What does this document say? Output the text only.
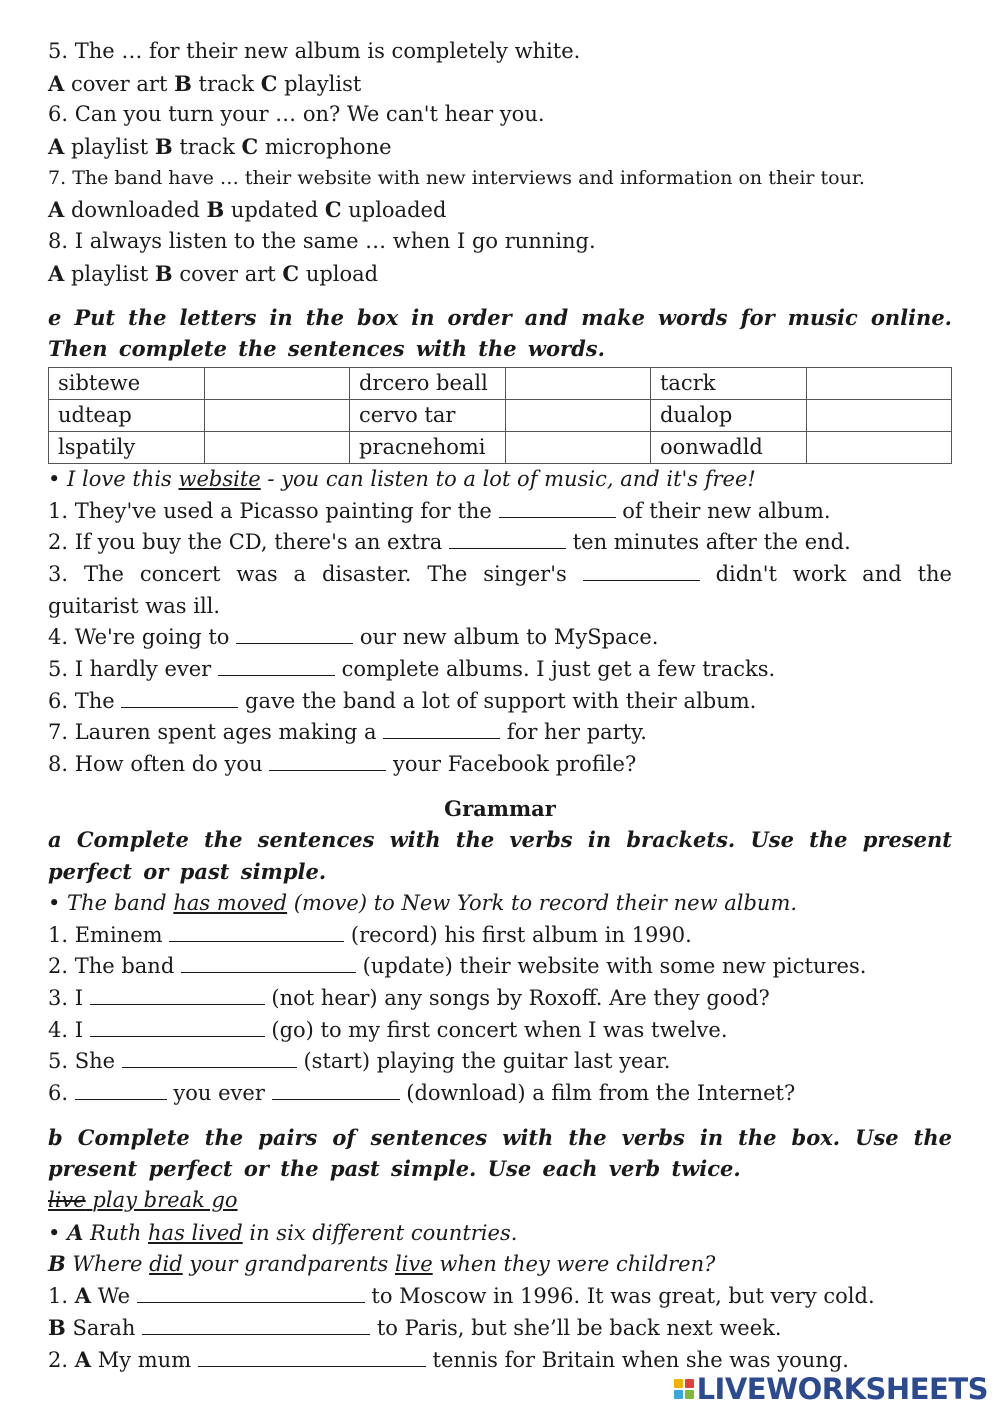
5. The … for their new album is completely white.
A cover art B track C playlist
6. Can you turn your … on? We can't hear you.
A playlist B track C microphone
7. The band have … their website with new interviews and information on their tour.
A downloaded B updated C uploaded
8. I always listen to the same … when I go running.
A playlist B cover art C upload
e Put the letters in the box in order and make words for music online.
Then complete the sentences with the words.
sibtewe		drcero beall		tacrk	
udteap		cervo tar		dualop	
lspatily		pracnehomi		oonwadld	
• I love this website - you can listen to a lot of music, and it's free!
1. They've used a Picasso painting for the	of their new album.
2. If you buy the CD, there's an extra	ten minutes after the end.
3. The concert was a disaster. The singer's	didn't work and the
guitarist was ill.
4. We're going to	our new album to MySpace.
5. I hardly ever	complete albums. I just get a few tracks.
6. The	gave the band a lot of support with their album.
7. Lauren spent ages making a	for her party.
8. How often do you	your Facebook profile?
Grammar
a Complete the sentences with the verbs in brackets. Use the present
perfect or past simple.
• The band has moved (move) to New York to record their new album.
1. Eminem	(record) his first album in 1990.
2. The band	(update) their website with some new pictures.
3. I	(not hear) any songs by Roxoff. Are they good?
4. I	(go) to my first concert when I was twelve.
5. She	(start) playing the guitar last year.
6.	you ever	(download) a film from the Internet?
b Complete the pairs of sentences with the verbs in the box. Use the
present perfect or the past simple. Use each verb twice.
live play break go
• A Ruth has lived in six different countries.
B Where did your grandparents live when they were children?
1. A We	to Moscow in 1996. It was great, but very cold.
B Sarah	to Paris, but she’ll be back next week.
2. A My mum	tennis for Britain when she was young.
LIVEWORKSHEETS
